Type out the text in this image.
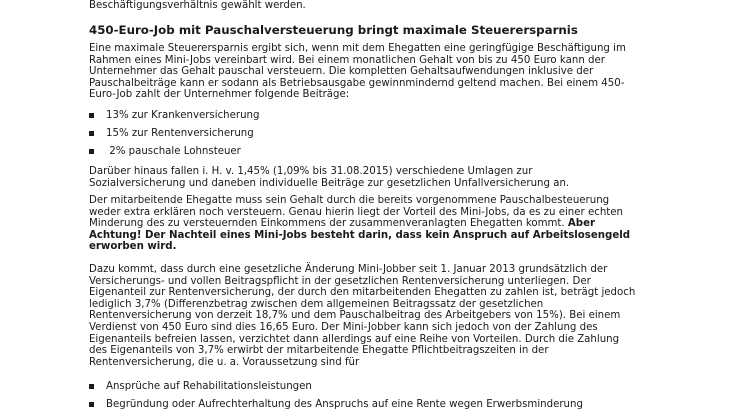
Beschäftigungsverhältnis gewählt werden.
450-Euro-Job mit Pauschalversteuerung bringt maximale Steuerersparnis
Eine maximale Steuerersparnis ergibt sich, wenn mit dem Ehegatten eine geringfügige Beschäftigung im
Rahmen eines Mini-Jobs vereinbart wird. Bei einem monatlichen Gehalt von bis zu 450 Euro kann der
Unternehmer das Gehalt pauschal versteuern. Die kompletten Gehaltsaufwendungen inklusive der
Pauschalbeiträge kann er sodann als Betriebsausgabe gewinnmindernd geltend machen. Bei einem 450-
Euro-Job zahlt der Unternehmer folgende Beiträge:
13% zur Krankenversicherung
15% zur Rentenversicherung
2% pauschale Lohnsteuer
Darüber hinaus fallen i. H. v. 1,45% (1,09% bis 31.08.2015) verschiedene Umlagen zur
Sozialversicherung und daneben individuelle Beiträge zur gesetzlichen Unfallversicherung an.
Der mitarbeitende Ehegatte muss sein Gehalt durch die bereits vorgenommene Pauschalbesteuerung
weder extra erklären noch versteuern. Genau hierin liegt der Vorteil des Mini-Jobs, da es zu einer echten
Minderung des zu versteuernden Einkommens der zusammenveranlagten Ehegatten kommt. Aber
Achtung! Der Nachteil eines Mini-Jobs besteht darin, dass kein Anspruch auf Arbeitslosengeld
erworben wird.
Dazu kommt, dass durch eine gesetzliche Änderung Mini-Jobber seit 1. Januar 2013 grundsätzlich der
Versicherungs- und vollen Beitragspflicht in der gesetzlichen Rentenversicherung unterliegen. Der
Eigenanteil zur Rentenversicherung, der durch den mitarbeitenden Ehegatten zu zahlen ist, beträgt jedoch
lediglich 3,7% (Differenzbetrag zwischen dem allgemeinen Beitragssatz der gesetzlichen
Rentenversicherung von derzeit 18,7% und dem Pauschalbeitrag des Arbeitgebers von 15%). Bei einem
Verdienst von 450 Euro sind dies 16,65 Euro. Der Mini-Jobber kann sich jedoch von der Zahlung des
Eigenanteils befreien lassen, verzichtet dann allerdings auf eine Reihe von Vorteilen. Durch die Zahlung
des Eigenanteils von 3,7% erwirbt der mitarbeitende Ehegatte Pflichtbeitragszeiten in der
Rentenversicherung, die u. a. Voraussetzung sind für
Ansprüche auf Rehabilitationsleistungen
Begründung oder Aufrechterhaltung des Anspruchs auf eine Rente wegen Erwerbsminderung
